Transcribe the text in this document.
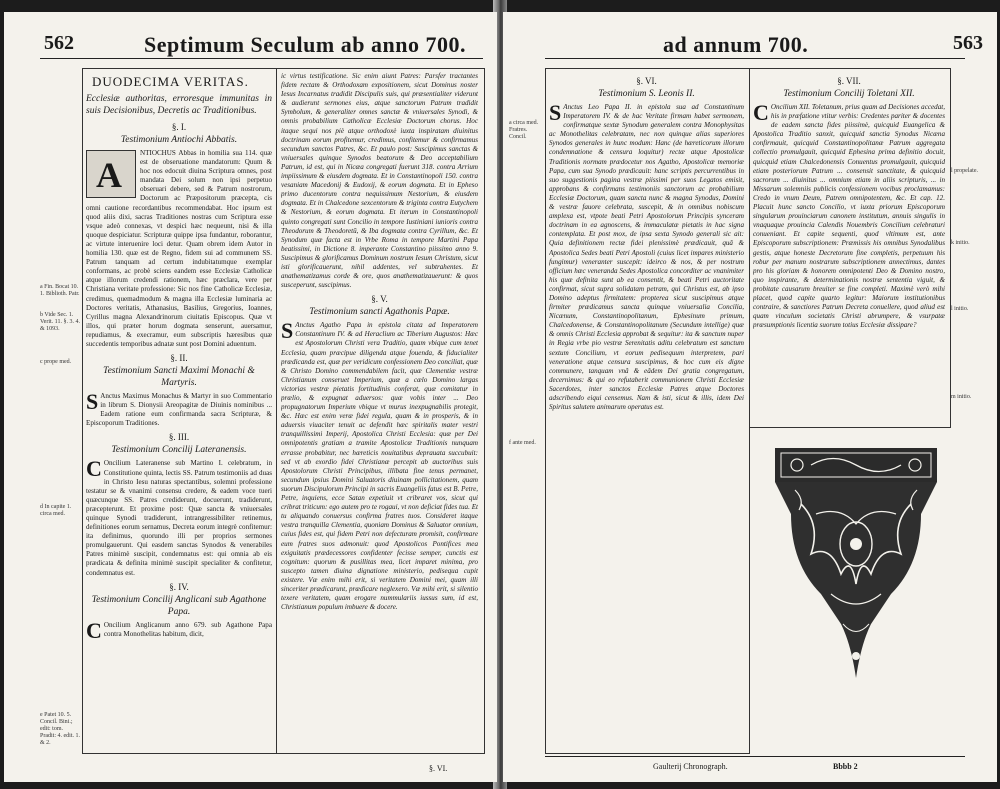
562	Septimum Seculum ab anno 700.
a Fin. Bocat 10. 1. Biblioth. Patr.
b Vide Sec. 1. Verit. 11. §. 3. 4. & 1093.
c prope med.
d In capite 1. circa med.
e Patet 10. 5. Concil. Bini.; edit: tom. Pradit: 4. edit. 1. & 2.
DUODECIMA VERITAS.
Ecclesiæ authoritas, erroresque immunitas in suis Decisionibus, Decretis ac Traditionibus.
§. I.
Testimonium Antiochi Abbatis.

A
NTIOCHUS Abbas in homilia sua 114. quæ est de obseruatione mandatorum: Quum & hoc nos edocuit diuina Scriptura omnes, post mandata Dei solum non ipsi perpetuo obseruari debere, sed & Patrum nostrorum, Doctorum ac Præpositorum præcepta, cis omni cautione recordantibus recommendabat. Hoc ipsum est quod aliis dixi, sacras Traditiones nostras cum Scriptura esse vsque adeò connexas, vt despici hæc nequeunt, nisi & illa quoque despiciatur. Scripturæ quippe ipsa fundantur, roborantur, ac virtute interuenire loci detur. Quam obrem idem Autor in homilia 130. quæ est de Regno, fidem sui ad communem SS. Patrum tanquam ad certum indubitatumque exemplar conformans, ac probè sciens eandem esse Ecclesiæ Catholicæ atque illorum credendi rationem, hæc præclara, vere per Christiana veritate professione: Sic nos fine Catholicæ Ecclesiæ, credimus, quemadmodum & magna illa Ecclesiæ luminaria ac Doctores veritatis, Athanasius, Basilius, Gregorius, Ioannes, Cyrillus magna Alexandrinorum ciuitatis Episcopus. Quæ vt illos, qui præter horum dogmata senserunt, auersamur, repudiamus, & execramur, eum subscriptis hæresibus quæ succedentis temporibus adnatæ sunt post Domini aduentum.

§. II.
Testimonium Sancti Maximi Monachi & Martyris.

S Anctus Maximus Monachus & Martyr in suo Commentario in librum S. Dionysii Areopagitæ de Diuinis nominibus ... Eadem ratione eum confirmanda sacra Scripturæ, & Episcoporum Traditiones.

§. III.
Testimonium Concilij Lateranensis.

C Oncilium Lateranense sub Martino I. celebratum, in Constitutione quinta, lectis SS. Patrum testimoniis ad duas in Christo Iesu naturas spectantibus, solemni professione testatur se & vnanimi consensu credere, & eadem voce tueri quæcunque SS. Patres crediderunt, docuerunt, tradiderunt, præcepterunt. Et proxime post: Quæ sancta & vniuersales quinque Synodi tradiderunt, intrangressibiliter retinemus, definitiones eorum sernamus, Decreta eorum integrè confitemur: ita definimus, quorundo illi per proprios sermones promulgauerunt. Qui easdem sanctas Synodos & venerabiles Patres minimè suscipit, condemnatus est: qui omnia ab eis prædicata & definita minimè suscipit specialiter & confitetur, condemnatus est.

§. IV.
Testimonium Concilij Anglicani sub Agathone Papa.

C Oncilium Anglicanum anno 679. sub Agathone Papa contra Monothelitas habitum, dicit,

ic virtus testificatione. Sic enim aiunt Patres: Parsfer tractantes fidem rectam & Orthodoxam expositionem, sicut Dominus noster Iesus Incarnatus tradidit Discipulis suis, qui præsentialiter viderunt & audierunt sermones eius, atque sanctorum Patrum tradidit Symbolum, & generaliter omnes sanctæ & vniuersales Synodi, & omnis probabilium Catholicæ Ecclesiæ Doctorum chorus. Hoc itaque sequi nos piè atque orthodoxè iuxta inspiratam diuinitus doctrinam eorum profitemur, credimus, confitemur & confirmamus secundum sanctos Patres, &c. Et paulo post: Suscipimus sanctas & vniuersales quinque Synodos beatorum & Deo acceptabilium Patrum, id est, qui in Nicæa congregati fuerunt 318. contra Arrium impiissimum & eiusdem dogmata. Et in Constantinopoli 150. contra vesaniam Macedonij & Eudoxij, & eorum dogmata. Et in Epheso primo ducentorum contra nequissimum Nestorium, & eiusdem dogmata. Et in Chalcedone sexcentorum & triginta contra Eutychem & Nestorium, & eorum dogmata. Et iterum in Constantinopoli quinto congregati sunt Concilio in tempore Iustiniani iunioris contra Theodorum & Theodoretū, & Iba dogmata contra Cyrillum, &c. Et Synodum quæ facta est in Vrbe Roma in tempore Martini Papa beatissimi, in Dictione 8. imperante Constantino piissimo anno 9. Suscipimus & glorificamus Dominum nostrum Iesum Christum, sicut isti glorificauerunt, nihil addentes, vel subtrahentes. Et anathematizamus corde & ore, quos anathematizauerunt: & quos susceperunt, suscipimus.

§. V.
Testimonium sancti Agathonis Papæ.

S Anctus Agatho Papa in epistola citata ad Imperatorem Constantinum IV. & ad Heraclium ac Tiberium Augustos: Hæc est Apostolorum Christi vera Traditio, quam vbique cum tenet Ecclesia, quam præcipue diligenda atque fouenda, & fiducialiter prædicanda est, quæ per veridicum confessionem Deo conciliat, quæ & Christo Domino commendabilem facit, quæ Clementiæ vestræ Christianum conseruet Imperium, quæ a cælo Domino largas victorias vestræ pietatis fortitudinis conferat, quæ comitatur in prælio, & expugnat aduersos: quæ vobis inter ... Deo propugnatorum Imperium vbique vt murus inexpugnabilis protegit, &c. Hæc est enim veræ fidei regula, quam & in prosperis, & in aduersis viuaciter tenuit ac defendit hæc spiritalis mater vestri tranquillissimi Imperij, Apostolica Christi Ecclesia: quæ per Dei omnipotentis gratiam a tramite Apostolicæ Traditionis nunquam errasse probabitur, nec hæreticis nouitatibus deprauata succubuit: sed vt ab exordio fidei Christianæ percepit ab auctoribus suis Apostolorum Christi Principibus, illibata fine tenus permanet, secundum ipsius Domini Saluatoris diuinam pollicitationem, quam suorum Discipulorum Principi in sacris Euangeliis fatus est B. Petre, Petre, inquiens, ecce Satan expetiuit vt cribraret vos, sicut qui cribrat triticum: ego autem pro te rogaui, vt non deficiat fides tua. Et tu aliquando conuersus confirma fratres tuos. Consideret itaque vestra tranquilla Clementia, quoniam Dominus & Saluator omnium, cuius fides est, qui fidem Petri non defecturam promisit, confirmare eum fratres suos admonuit: quod Apostolicos Pontifices mea exiguitatis prædecessores confidenter fecisse semper, cunctis est cognitum: quorum & pusillitas mea, licet imparet minima, pro suscepto tamen diuina dignatione ministerio, pedisequa cupit existere. Væ enim mihi erit, si veritatem Domini mei, quam illi sinceriter prædicarunt, prædicare neglexero. Væ mihi erit, si silentio texere veritatem, quam erogare nummulariis iussus sum, id est, Christianum populum imbuere & docere.

§. VI.
ad annum 700.	563
a circa med. Fratres. Concil.
f ante med.
§. VI.
Testimonium S. Leonis II.

S Anctus Leo Papa II. in epistola sua ad Constantinum Imperatorem IV. & de hac Veritate firmam habet sermonem, confirmatque sextæ Synodum generalem contra Monophysitas ac Monothelitas celebratam, nec non quinque alias superiores Synodos generales in hunc modum: Hanc (de hæreticorum illorum condemnatione & censura loquitur) rectæ atque Apostolicæ Traditionis normam prædocetur nos Agatho, Apostolicæ memoriæ Papa, cum sua Synodo prædicauit: hanc scriptis percurrentibus in suo suggestionis pagina vestræ piissimi per suos Legatos emisit, approbans & confirmans testimoniis sanctorum ac probabilium Ecclesiæ Doctorum, quam sancta nunc & magna Synodus, Domini & vestræ fauore celebrata, suscepit, & in omnibus nobiscum amplexa est, vtpote beati Petri Apostolorum Principis synceram doctrinam in ea agnoscens, & immaculatæ pietatis in hac signa contemplata. Et post mox, de ipsa sexta Synodo generali sic ait: Quia definitionem rectæ fidei plenissimè prædicauit, quâ & Apostolica Sedes beati Petri Apostoli (cuius licet impares ministerio fungimur) veneranter suscepit: ideirco & nos, & per nostrum officium hæc veneranda Sedes Apostolica concorditer ac vnanimiter his quæ definita sunt ab ea consentit, & beati Petri auctoritate confirmat, sicut supra solidatam petram, qui Christus est, ab ipso Domino adeptus firmitatem: propterea sicut suscipimus atque firmiter prædicamus sancta quinque vniuersalia Concilia, Nicænum, Constantinopolitanum, Ephesinum primum, Chalcedonense, & Constantinopolitanum (Secundum intellige) quæ & omnis Christi Ecclesia approbat & sequitur: ita & sanctum nuper in Regia vrbe pio vestræ Serenitatis aditu celebratum est sanctum sextum Concilium, vt eorum pedisequum interpretem, pari veneratione atque censura suscipimus, & hoc cum eis digne communere, tanquam vnâ & eâdem Dei gratia congregatum, decernimus: & qui eo refutaberit communionem Christi Ecclesiæ Sacerdotes, inter sanctos Ecclesiæ Patres atque Doctores adscribendo eiqui censemus. Nam & isti, sicut & illis, idem Dei Spiritus salutem animarum operatus est.

§. VII.
Testimonium Concilij Toletani XII.

C Oncilium XII. Toletanum, prius quam ad Decisiones accedat, his in præfatione vtitur verbis: Credentes pariter & docentes de eadem sancta fides piissimè, quicquid Euangelica & Apostolica Traditio sanxit, quicquid sanctia Synodus Nicæna confirmauit, quicquid Constantinopolitanæ Patrum aggregata collectio promulgauit, quicquid Ephesina prima definitio docuit, quicquid etiam Chalcedonensis Conuentus promulgauit, quicquid etiam posteriorum Patrum ... consensit sanctitate, & quicquid sacrorum ... diuinitus ... omnium etiam in aliis scripturis, ... in Missarum solemniis publicis confessionem vocibus proclamamus: Credo in vnum Deum, Patrem omnipotentem, &c. Et cap. 12. Placuit hunc sancto Concilio, vt iuxta priorum Episcoporum singularum prouinciarum canonem institutum, annuis singulis in vnaquaque prouincia Calendis Nouembris Concilium celebraturi conueniant. Et capite sequenti, quod vltimum est, ante Episcoporum subscriptionem: Præmissis his omnibus Synodalibus gestis, atque honeste Decretorum fine completis, perpetuum his robur per manum nostrarum subscriptionem annectimus, dantes pro his gloriam & honorem omnipotenti Deo & Domino nostro, quo inspirante, & determinationis nostræ sententia viguit, & probitate causarum breuiter se fine completi. Maximè verò mihi placet, quod capite quarto legitur: Maiorum institutionibus contraire, & sanctiores Patrum Decreta conuellere, quod aliud est quam vinculum societatis Christi abrumpere, & vsurpatæ præsumptionis licentia suorum totius Ecclesiæ dissipare?

l propelate.
k initio.
l initio.
m initio.
Gaulterij Chronograph.	Bbbb 2
